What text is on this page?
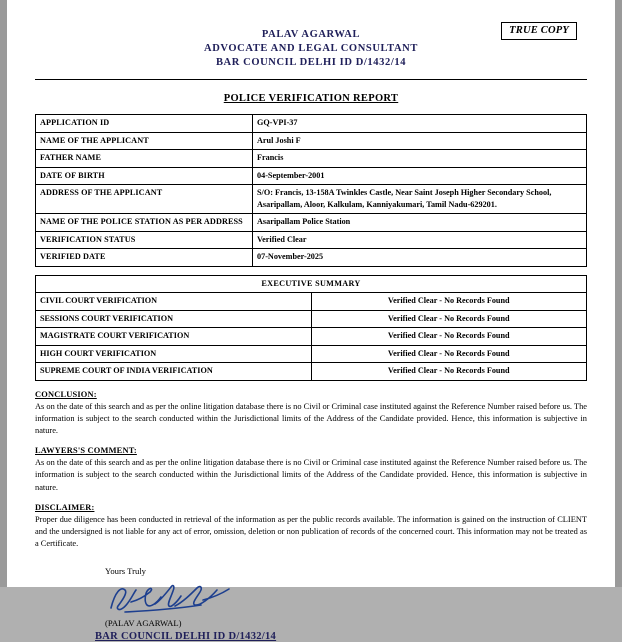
TRUE COPY
PALAV AGARWAL
ADVOCATE AND LEGAL CONSULTANT
BAR COUNCIL DELHI ID D/1432/14
POLICE VERIFICATION REPORT
APPLICATION ID	GQ-VPI-37
NAME OF THE APPLICANT	Arul Joshi F
FATHER NAME	Francis
DATE OF BIRTH	04-September-2001
ADDRESS OF THE APPLICANT	S/O: Francis, 13-158A Twinkles Castle, Near Saint Joseph Higher Secondary School, Asaripallam, Aloor, Kalkulam, Kanniyakumari, Tamil Nadu-629201.
NAME OF THE POLICE STATION AS PER ADDRESS	Asaripallam Police Station
VERIFICATION STATUS	Verified Clear
VERIFIED DATE	07-November-2025
EXECUTIVE SUMMARY	
CIVIL COURT VERIFICATION	Verified Clear - No Records Found
SESSIONS COURT VERIFICATION	Verified Clear - No Records Found
MAGISTRATE COURT VERIFICATION	Verified Clear - No Records Found
HIGH COURT VERIFICATION	Verified Clear - No Records Found
SUPREME COURT OF INDIA VERIFICATION	Verified Clear - No Records Found
CONCLUSION:
As on the date of this search and as per the online litigation database there is no Civil or Criminal case instituted against the Reference Number raised before us. The information is subject to the search conducted within the Jurisdictional limits of the Address of the Candidate provided. Hence, this information is subjective in nature.
LAWYERS'S COMMENT:
As on the date of this search and as per the online litigation database there is no Civil or Criminal case instituted against the Reference Number raised before us. The information is subject to the search conducted within the Jurisdictional limits of the Address of the Candidate provided. Hence, this information is subjective in nature.
DISCLAIMER:
Proper due diligence has been conducted in retrieval of the information as per the public records available. The information is gained on the instruction of CLIENT and the undersigned is not liable for any act of error, omission, deletion or non publication of records of the concerned court. This information may not be treated as a Certificate.
Yours Truly
(PALAV AGARWAL)
BAR COUNCIL DELHI ID D/1432/14
